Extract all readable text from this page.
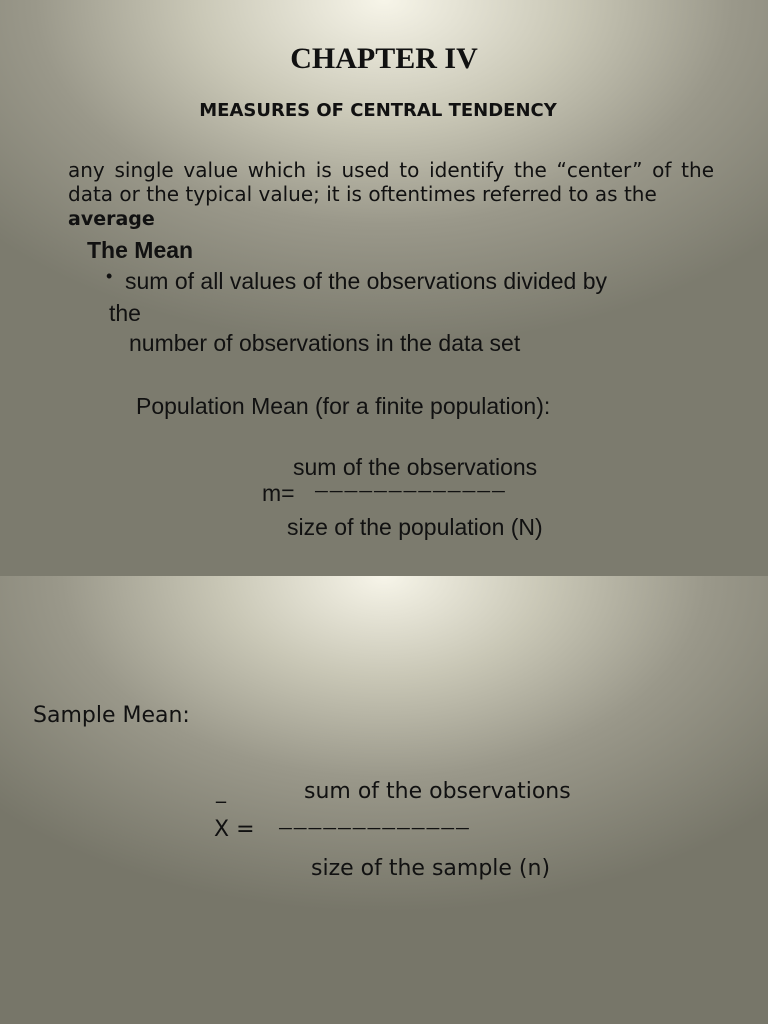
CHAPTER IV
MEASURES OF CENTRAL TENDENCY
any single value which is used to identify the “center” of the data or the typical value; it is oftentimes referred to as the
average
The Mean
• sum of all values of the observations divided by
the
number of observations in the data set
Population Mean (for a finite population):
sum of the observations
m= ─────────────
size of the population (N)
Sample Mean:
_
X =
sum of the observations
─────────────
size of the sample (n)
